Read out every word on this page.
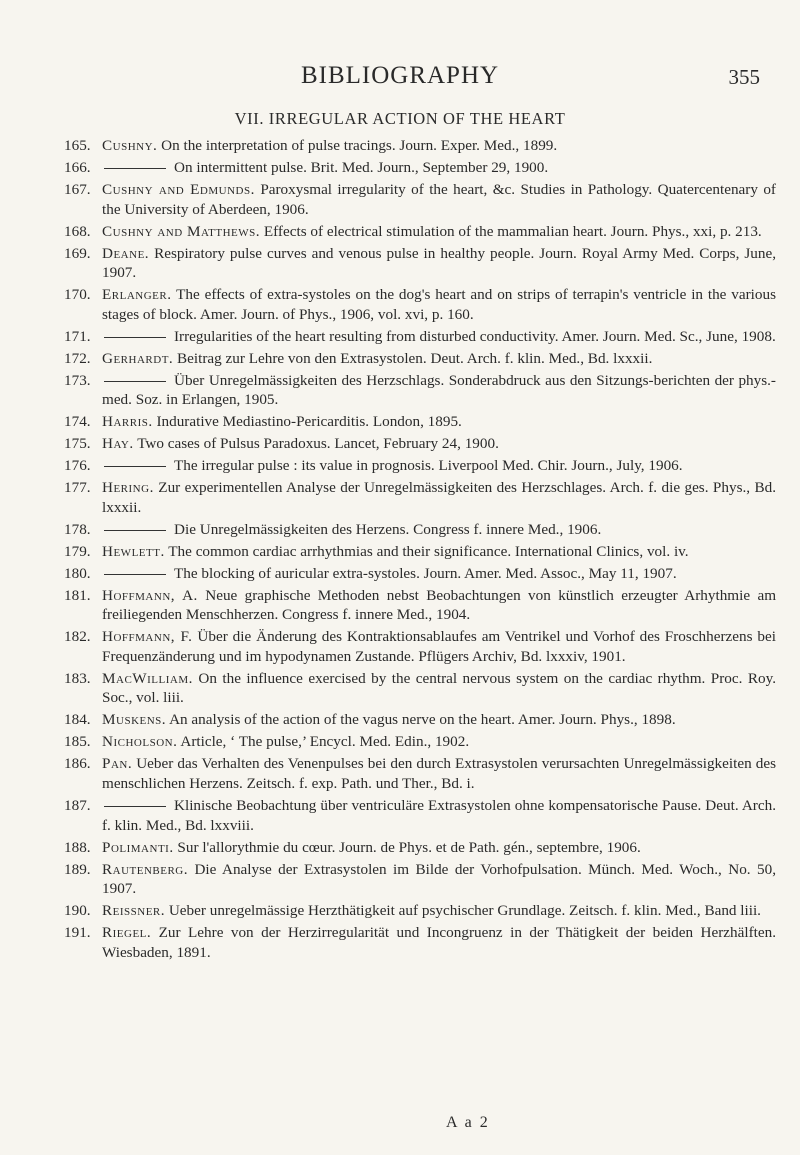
BIBLIOGRAPHY	355
VII. IRREGULAR ACTION OF THE HEART
165. Cushny. On the interpretation of pulse tracings. Journ. Exper. Med., 1899.
166.	On intermittent pulse. Brit. Med. Journ., September 29, 1900.
167. Cushny and Edmunds. Paroxysmal irregularity of the heart, &c. Studies in Pathology. Quatercentenary of the University of Aberdeen, 1906.
168. Cushny and Matthews. Effects of electrical stimulation of the mammalian heart. Journ. Phys., xxi, p. 213.
169. Deane. Respiratory pulse curves and venous pulse in healthy people. Journ. Royal Army Med. Corps, June, 1907.
170. Erlanger. The effects of extra-systoles on the dog's heart and on strips of terrapin's ventricle in the various stages of block. Amer. Journ. of Phys., 1906, vol. xvi, p. 160.
171.	Irregularities of the heart resulting from disturbed conductivity. Amer. Journ. Med. Sc., June, 1908.
172. Gerhardt. Beitrag zur Lehre von den Extrasystolen. Deut. Arch. f. klin. Med., Bd. lxxxii.
173.	Über Unregelmässigkeiten des Herzschlags. Sonderabdruck aus den Sitzungs-berichten der phys.-med. Soz. in Erlangen, 1905.
174. Harris. Indurative Mediastino-Pericarditis. London, 1895.
175. Hay. Two cases of Pulsus Paradoxus. Lancet, February 24, 1900.
176.	The irregular pulse : its value in prognosis. Liverpool Med. Chir. Journ., July, 1906.
177. Hering. Zur experimentellen Analyse der Unregelmässigkeiten des Herzschlages. Arch. f. die ges. Phys., Bd. lxxxii.
178.	Die Unregelmässigkeiten des Herzens. Congress f. innere Med., 1906.
179. Hewlett. The common cardiac arrhythmias and their significance. International Clinics, vol. iv.
180.	The blocking of auricular extra-systoles. Journ. Amer. Med. Assoc., May 11, 1907.
181. Hoffmann, A. Neue graphische Methoden nebst Beobachtungen von künstlich erzeugter Arhythmie am freiliegenden Menschherzen. Congress f. innere Med., 1904.
182. Hoffmann, F. Über die Änderung des Kontraktionsablaufes am Ventrikel und Vorhof des Froschherzens bei Frequenzänderung und im hypodynamen Zustande. Pflügers Archiv, Bd. lxxxiv, 1901.
183. MacWilliam. On the influence exercised by the central nervous system on the cardiac rhythm. Proc. Roy. Soc., vol. liii.
184. Muskens. An analysis of the action of the vagus nerve on the heart. Amer. Journ. Phys., 1898.
185. Nicholson. Article, ‘ The pulse,’ Encycl. Med. Edin., 1902.
186. Pan. Ueber das Verhalten des Venenpulses bei den durch Extrasystolen verursachten Unregelmässigkeiten des menschlichen Herzens. Zeitsch. f. exp. Path. und Ther., Bd. i.
187.	Klinische Beobachtung über ventriculäre Extrasystolen ohne kompensatorische Pause. Deut. Arch. f. klin. Med., Bd. lxxviii.
188. Polimanti. Sur l'allorythmie du cœur. Journ. de Phys. et de Path. gén., septembre, 1906.
189. Rautenberg. Die Analyse der Extrasystolen im Bilde der Vorhofpulsation. Münch. Med. Woch., No. 50, 1907.
190. Reissner. Ueber unregelmässige Herzthätigkeit auf psychischer Grundlage. Zeitsch. f. klin. Med., Band liii.
191. Riegel. Zur Lehre von der Herzirregularität und Incongruenz in der Thätigkeit der beiden Herzhälften. Wiesbaden, 1891.
A a 2
